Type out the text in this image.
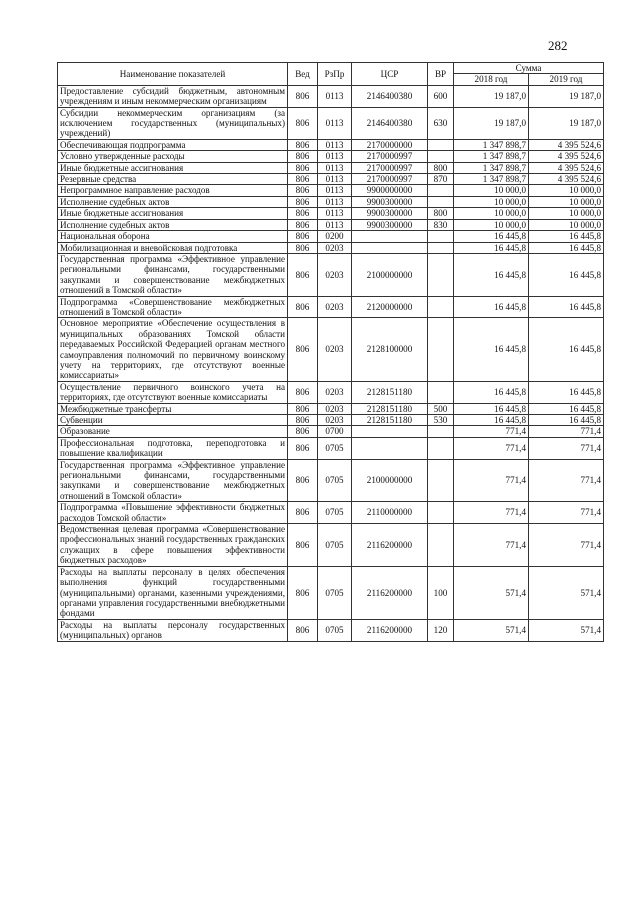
282
Наименование показателей	Вед	РзПр	ЦСР	ВР	Сумма	
					2018 год	2019 год
Предоставление субсидий бюджетным, автономным учреждениям и иным некоммерческим организациям	806	0113	2146400380	600	19 187,0	19 187,0
Субсидии некоммерческим организациям (за исключением государственных (муниципальных) учреждений)	806	0113	2146400380	630	19 187,0	19 187,0
Обеспечивающая подпрограмма	806	0113	2170000000		1 347 898,7	4 395 524,6
Условно утвержденные расходы	806	0113	2170000997		1 347 898,7	4 395 524,6
Иные бюджетные ассигнования	806	0113	2170000997	800	1 347 898,7	4 395 524,6
Резервные средства	806	0113	2170000997	870	1 347 898,7	4 395 524,6
Непрограммное направление расходов	806	0113	9900000000		10 000,0	10 000,0
Исполнение судебных актов	806	0113	9900300000		10 000,0	10 000,0
Иные бюджетные ассигнования	806	0113	9900300000	800	10 000,0	10 000,0
Исполнение судебных актов	806	0113	9900300000	830	10 000,0	10 000,0
Национальная оборона	806	0200			16 445,8	16 445,8
Мобилизационная и вневойсковая подготовка	806	0203			16 445,8	16 445,8
Государственная программа «Эффективное управление региональными финансами, государственными закупками и совершенствование межбюджетных отношений в Томской области»	806	0203	2100000000		16 445,8	16 445,8
Подпрограмма «Совершенствование межбюджетных отношений в Томской области»	806	0203	2120000000		16 445,8	16 445,8
Основное мероприятие «Обеспечение осуществления в муниципальных образованиях Томской области передаваемых Российской Федерацией органам местного самоуправления полномочий по первичному воинскому учету на территориях, где отсутствуют военные комиссариаты»	806	0203	2128100000		16 445,8	16 445,8
Осуществление первичного воинского учета на территориях, где отсутствуют военные комиссариаты	806	0203	2128151180		16 445,8	16 445,8
Межбюджетные трансферты	806	0203	2128151180	500	16 445,8	16 445,8
Субвенции	806	0203	2128151180	530	16 445,8	16 445,8
Образование	806	0700			771,4	771,4
Профессиональная подготовка, переподготовка и повышение квалификации	806	0705			771,4	771,4
Государственная программа «Эффективное управление региональными финансами, государственными закупками и совершенствование межбюджетных отношений в Томской области»	806	0705	2100000000		771,4	771,4
Подпрограмма «Повышение эффективности бюджетных расходов Томской области»	806	0705	2110000000		771,4	771,4
Ведомственная целевая программа «Совершенствование профессиональных знаний государственных гражданских служащих в сфере повышения эффективности бюджетных расходов»	806	0705	2116200000		771,4	771,4
Расходы на выплаты персоналу в целях обеспечения выполнения функций государственными (муниципальными) органами, казенными учреждениями, органами управления государственными внебюджетными фондами	806	0705	2116200000	100	571,4	571,4
Расходы на выплаты персоналу государственных (муниципальных) органов	806	0705	2116200000	120	571,4	571,4
